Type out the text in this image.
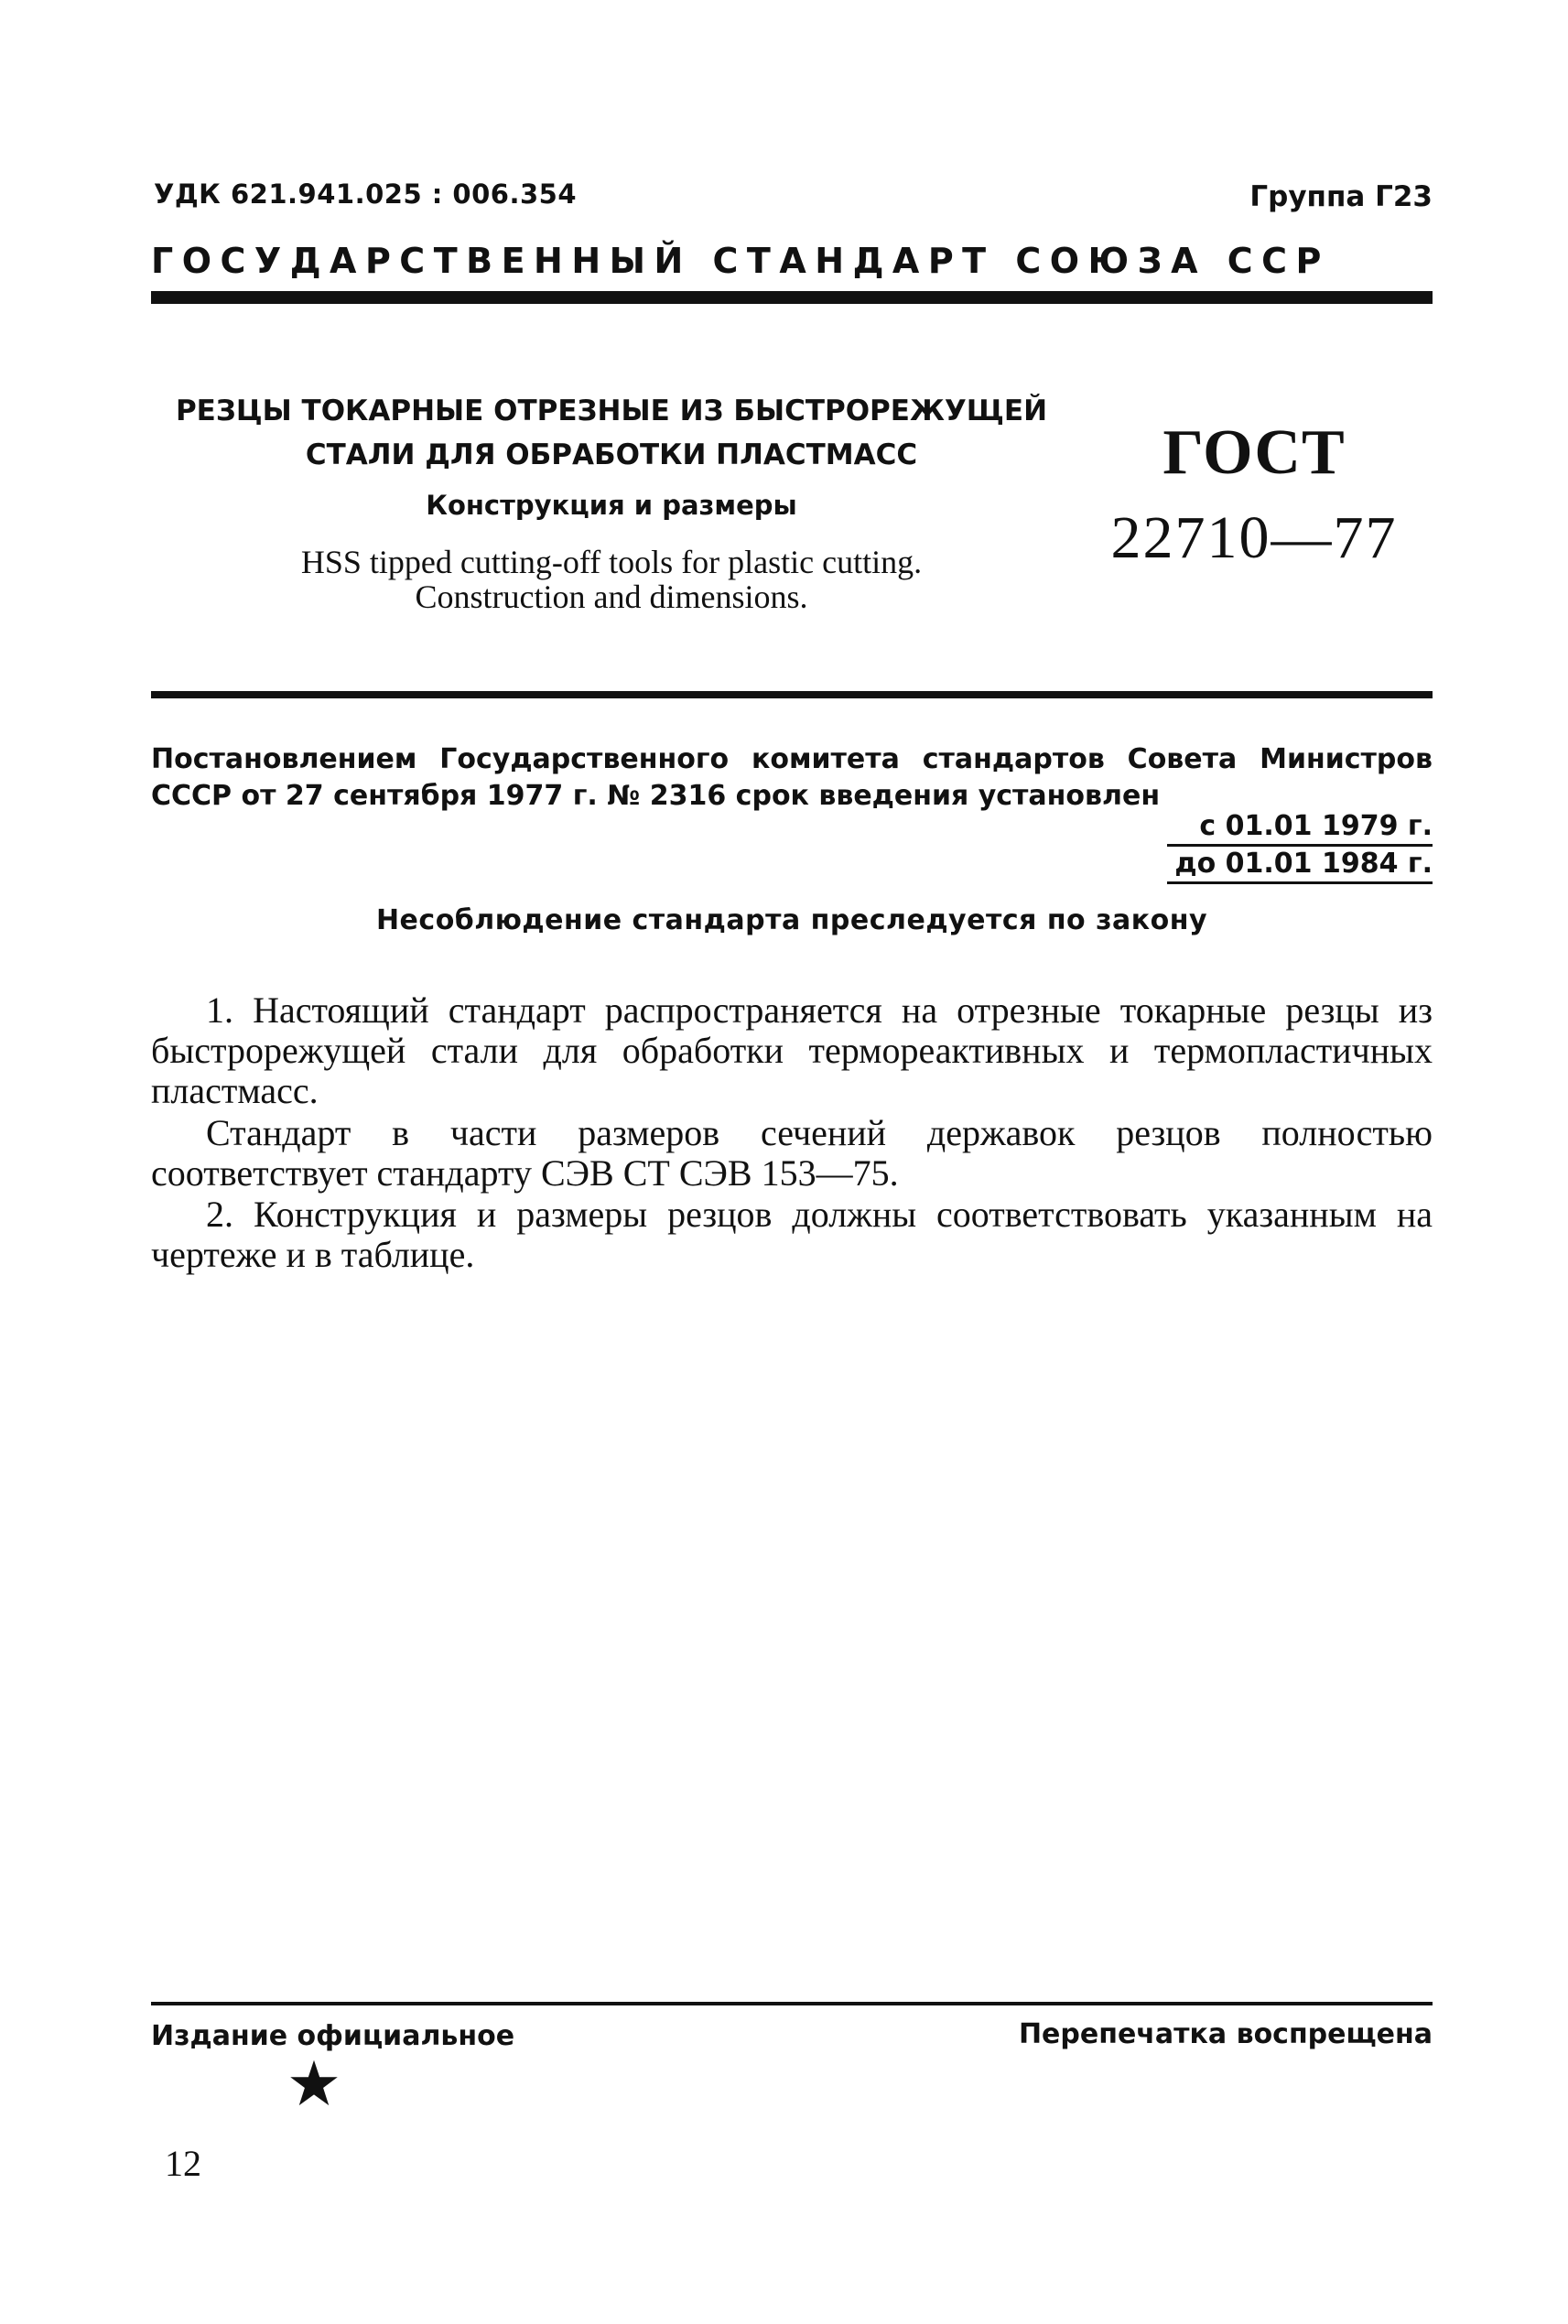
УДК 621.941.025 : 006.354	Группа Г23
ГОСУДАРСТВЕННЫЙ СТАНДАРТ СОЮЗА ССР
РЕЗЦЫ ТОКАРНЫЕ ОТРЕЗНЫЕ ИЗ БЫСТРОРЕЖУЩЕЙ
СТАЛИ ДЛЯ ОБРАБОТКИ ПЛАСТМАСС
Конструкция и размеры
HSS tipped cutting-off tools for plastic cutting.
Construction and dimensions.
ГОСТ
22710—77
Постановлением Государственного комитета стандартов Совета Министров
СССР от 27 сентября 1977 г. № 2316 срок введения установлен
с 01.01 1979 г.
до 01.01 1984 г.
Несоблюдение стандарта преследуется по закону
1. Настоящий стандарт распространяется на отрезные токарные резцы из быстрорежущей стали для обработки термореактивных и термопластичных пластмасс.
Стандарт в части размеров сечений державок резцов полностью соответствует стандарту СЭВ СТ СЭВ 153—75.
2. Конструкция и размеры резцов должны соответствовать указанным на чертеже и в таблице.
Издание официальное	Перепечатка воспрещена
12
